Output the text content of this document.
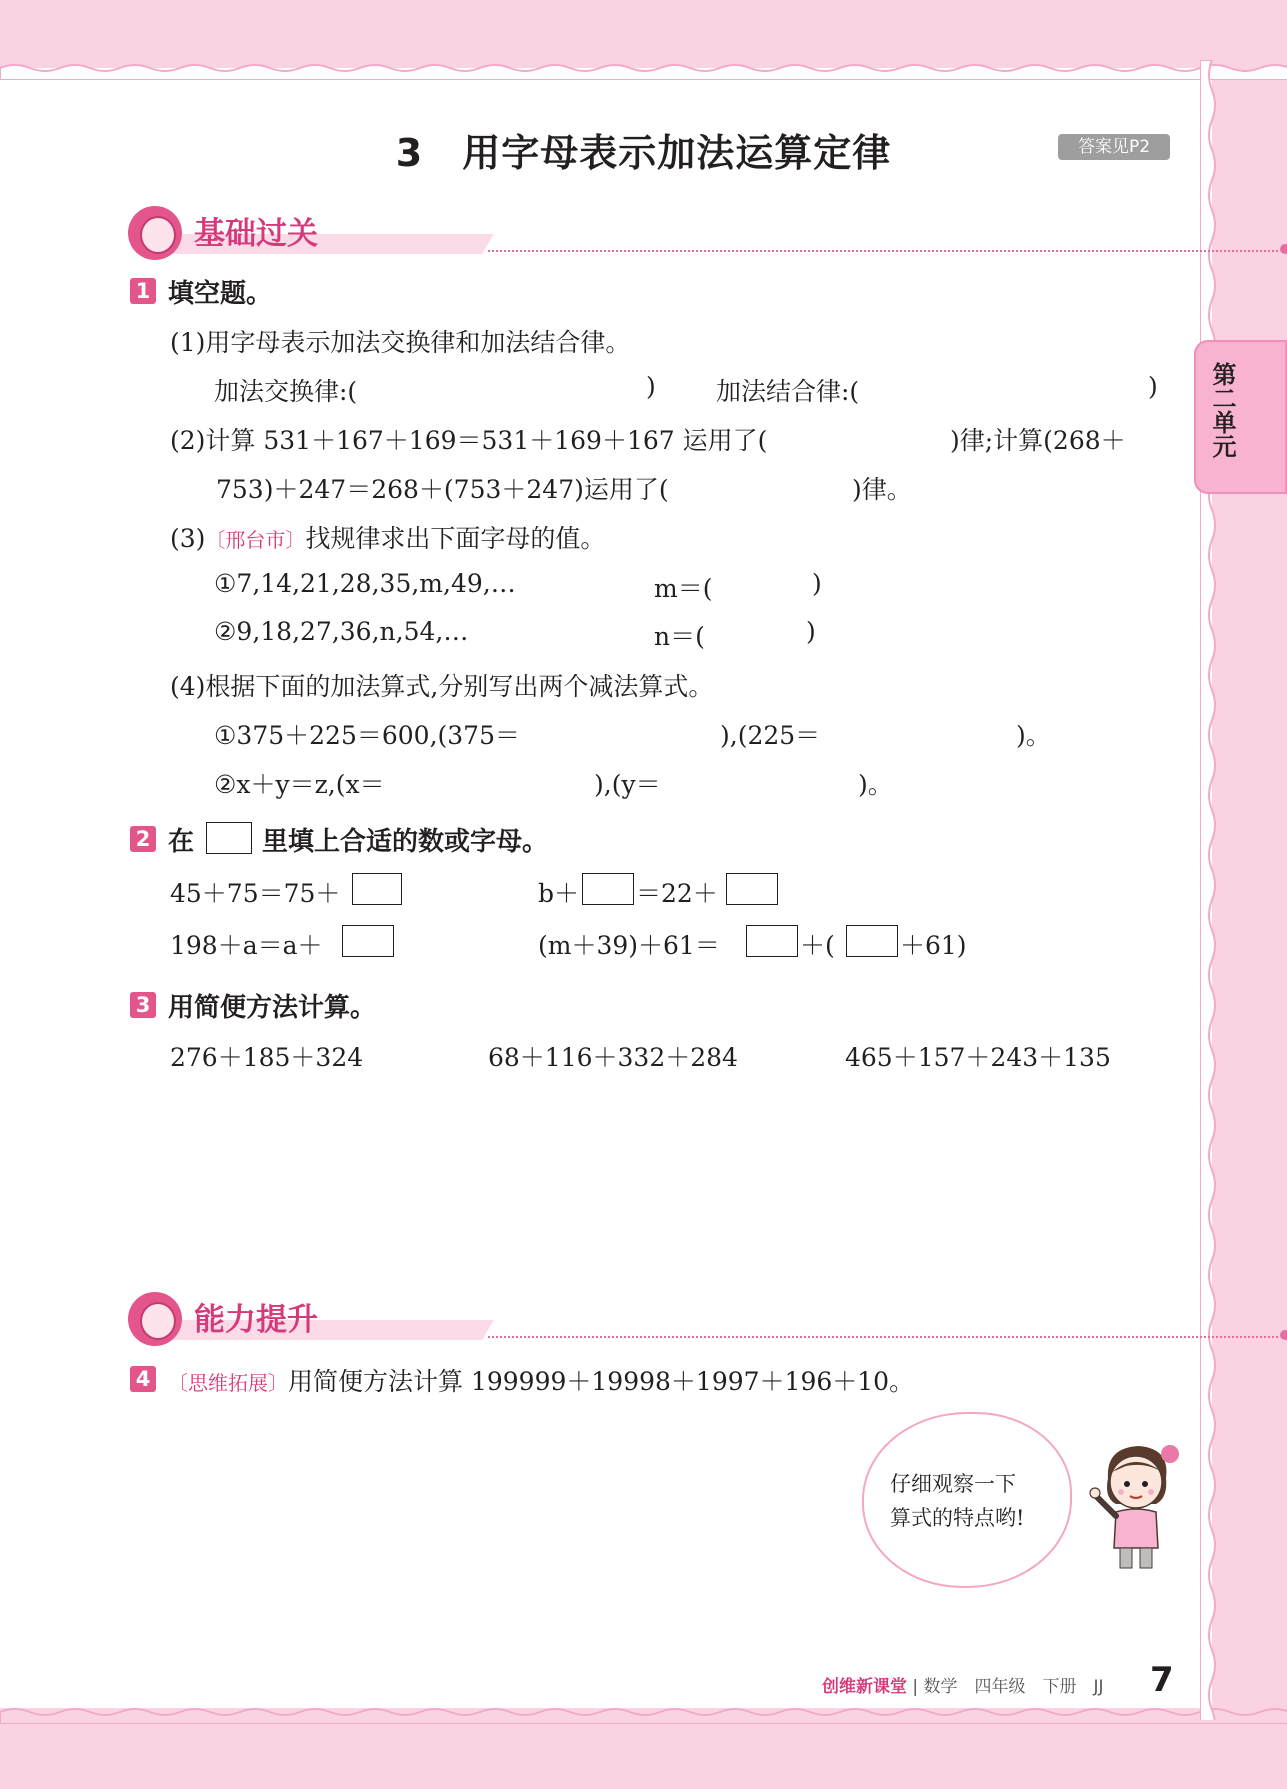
3　用字母表示加法运算定律	答案见P2
第二单元
基础过关
1 填空题。
(1)用字母表示加法交换律和加法结合律。
加法交换律:(	) 加法结合律:(	)
(2)计算 531＋167＋169＝531＋169＋167 运用了(	)律;计算(268＋
753)＋247＝268＋(753＋247)运用了(	)律。
(3)〔邢台市〕找规律求出下面字母的值。
①7,14,21,28,35,m,49,…	m＝(	)
②9,18,27,36,n,54,…	n＝(	)
(4)根据下面的加法算式,分别写出两个减法算式。
①375＋225＝600,(375＝	),(225＝	)。
②x＋y＝z,(x＝	),(y＝	)。
2 在	里填上合适的数或字母。
45＋75＝75＋	b＋ ＝22＋
198＋a＝a＋	(m＋39)＋61＝	＋(	＋61)
3 用简便方法计算。
276＋185＋324	68＋116＋332＋284	465＋157＋243＋135
能力提升
4 〔思维拓展〕用简便方法计算 199999＋19998＋1997＋196＋10。
仔细观察一下
算式的特点哟!
创维新课堂 | 数学　四年级　下册　JJ 7
